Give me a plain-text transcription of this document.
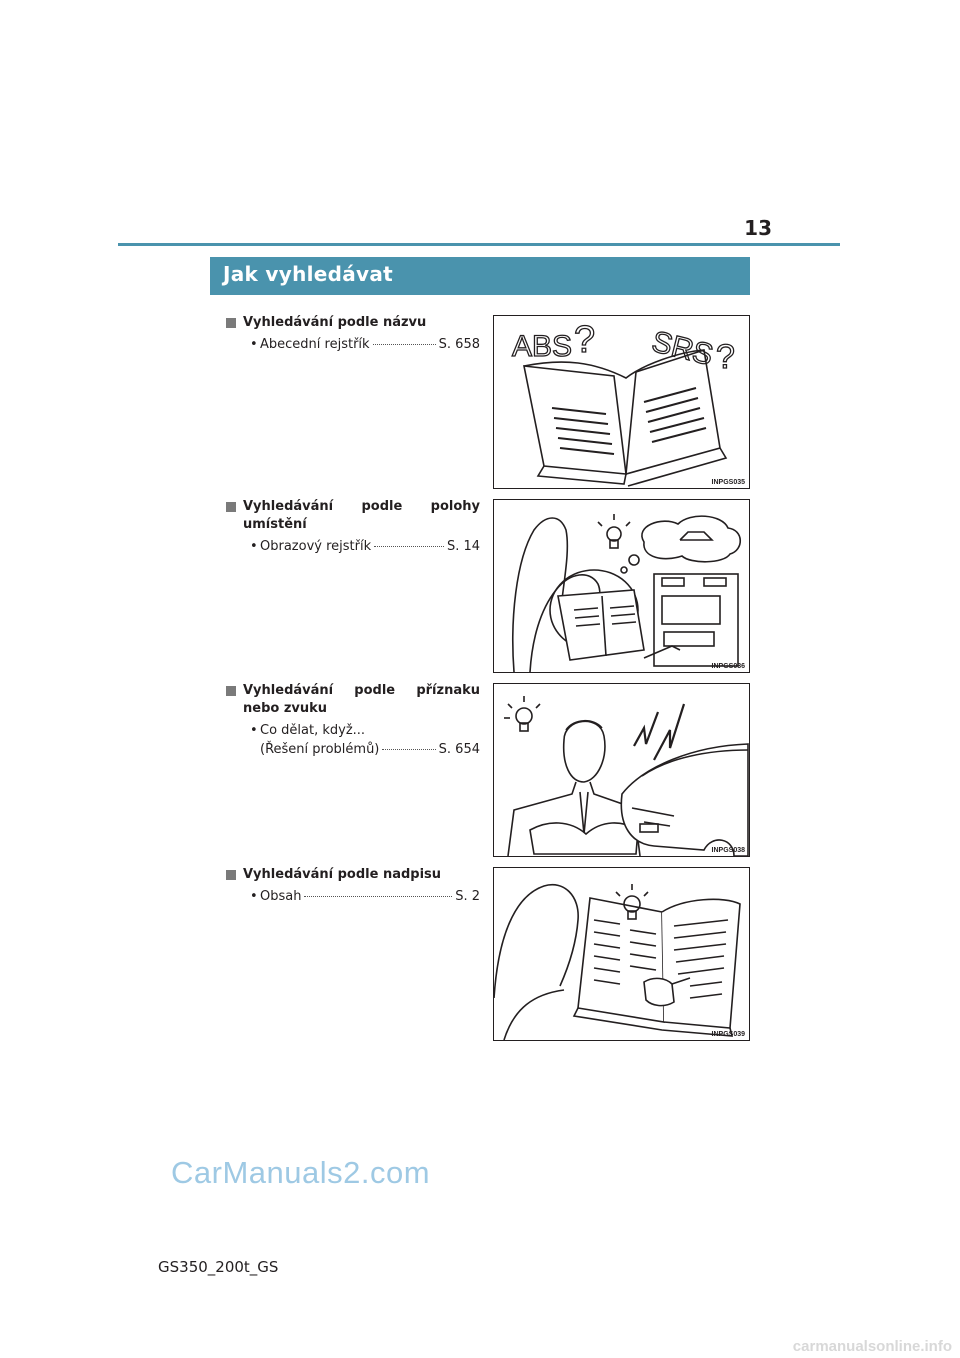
13
Jak vyhledávat
Vyhledávání podle názvu
• Abecední rejstřík	S. 658 ABS ? SRS ?
INPGS035
Vyhledávání podle polohy umístění
• Obrazový rejstřík	S. 14
INPGS036
Vyhledávání podle příznaku nebo zvuku
• Co dělat, když...
(Řešení problémů)	S. 654
INPGS038
Vyhledávání podle nadpisu
• Obsah	S. 2
INPGS039
CarManuals2.com
GS350_200t_GS
carmanualsonline.info
